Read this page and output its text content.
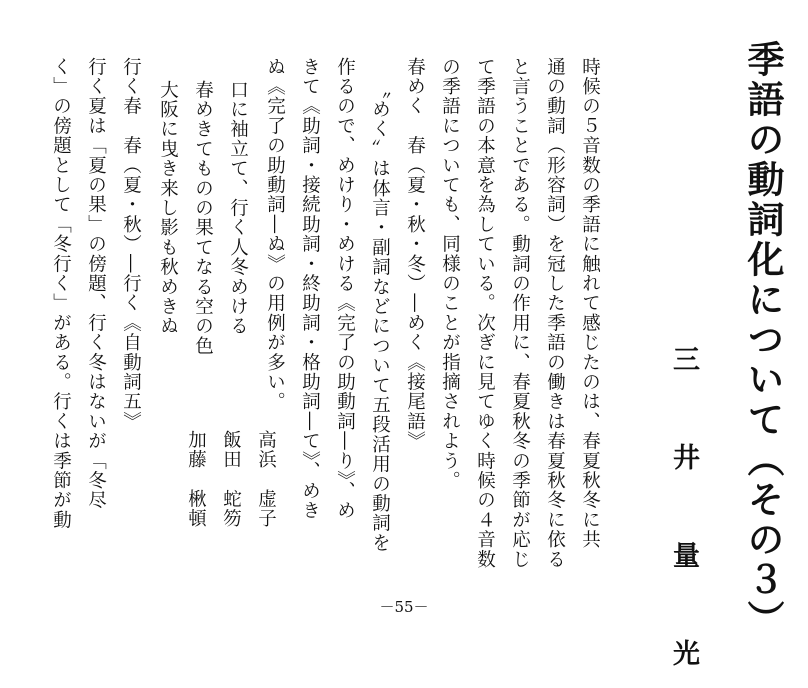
季語の動詞化について（その３）

三　井　量　光

時候の５音数の季語に触れて感じたのは、春夏秋冬に共

通の動詞（形容詞）を冠した季語の働きは春夏秋冬に依る

と言うことである。動詞の作用に、春夏秋冬の季節が応じ

て季語の本意を為している。次ぎに見てゆく時候の４音数

の季語についても、同様のことが指摘されよう。

春めく　春（夏・秋・冬）―めく《接尾語》

〝めく〟は体言・副詞などについて五段活用の動詞を

作るので、めけり・めける《完了の助動詞―り》、め

きて《助詞・接続助詞・終助詞・格助詞―て》、めき

ぬ《完了の助動詞―ぬ》の用例が多い。

口に袖立て、行く人冬めける

高浜　虚子

春めきてものの果てなる空の色

飯田　蛇笏

大阪に曳き来し影も秋めきぬ

加藤　楸頓

行く春　春（夏・秋）―行く《自動詞五》

行く夏は「夏の果」の傍題、行く冬はないが「冬尽

く」の傍題として「冬行く」がある。行くは季節が動

－55－
